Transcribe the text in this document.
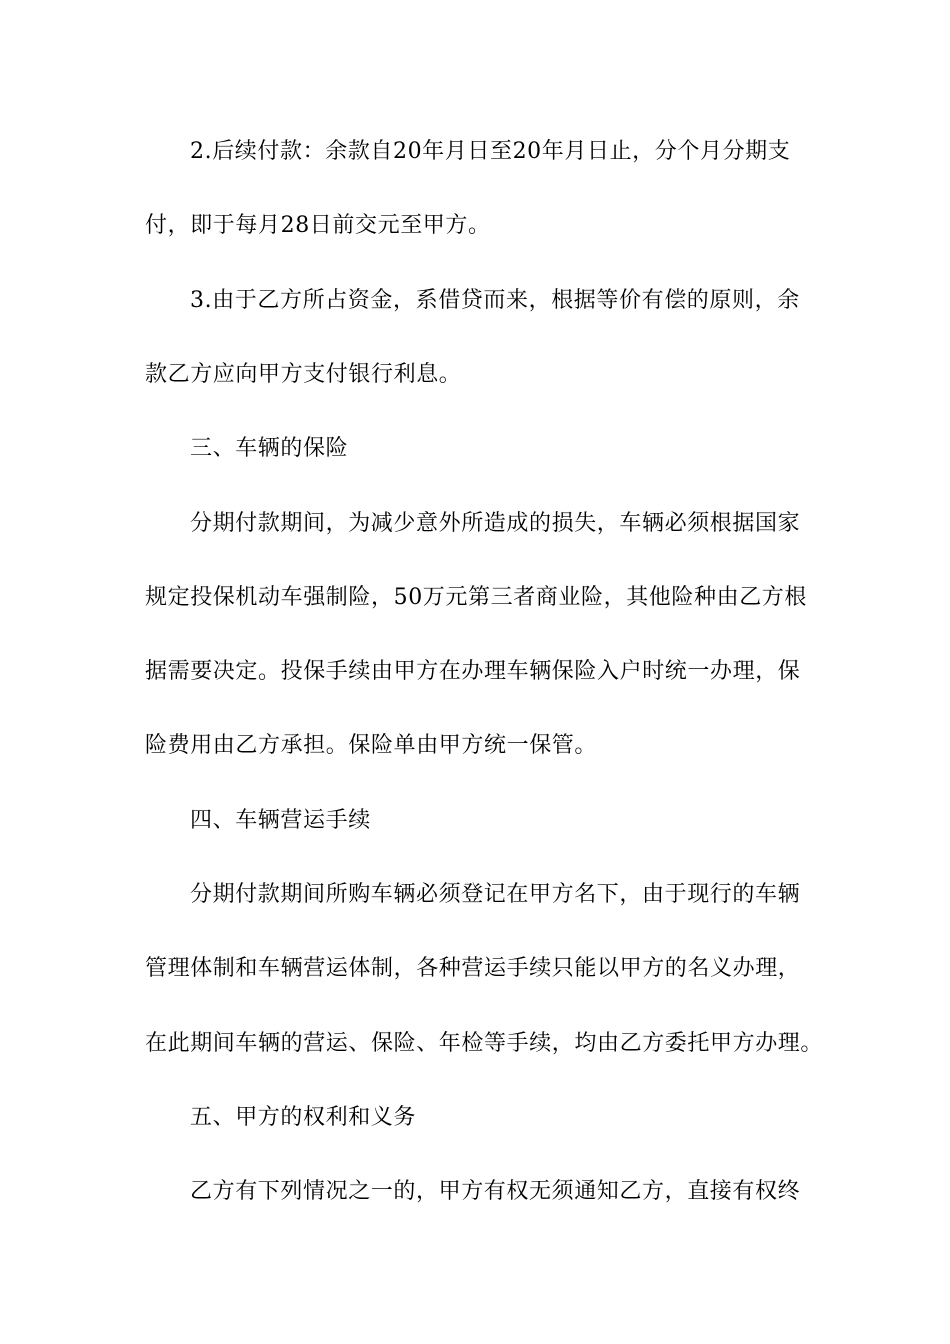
2.后续付款：余款自20年月日至20年月日止，分个月分期支
付，即于每月28日前交元至甲方。
3.由于乙方所占资金，系借贷而来，根据等价有偿的原则，余
款乙方应向甲方支付银行利息。
三、车辆的保险
分期付款期间，为减少意外所造成的损失，车辆必须根据国家
规定投保机动车强制险，50万元第三者商业险，其他险种由乙方根
据需要决定。投保手续由甲方在办理车辆保险入户时统一办理，保
险费用由乙方承担。保险单由甲方统一保管。
四、车辆营运手续
分期付款期间所购车辆必须登记在甲方名下，由于现行的车辆
管理体制和车辆营运体制，各种营运手续只能以甲方的名义办理，
在此期间车辆的营运、保险、年检等手续，均由乙方委托甲方办理。
五、甲方的权利和义务
乙方有下列情况之一的，甲方有权无须通知乙方，直接有权终
